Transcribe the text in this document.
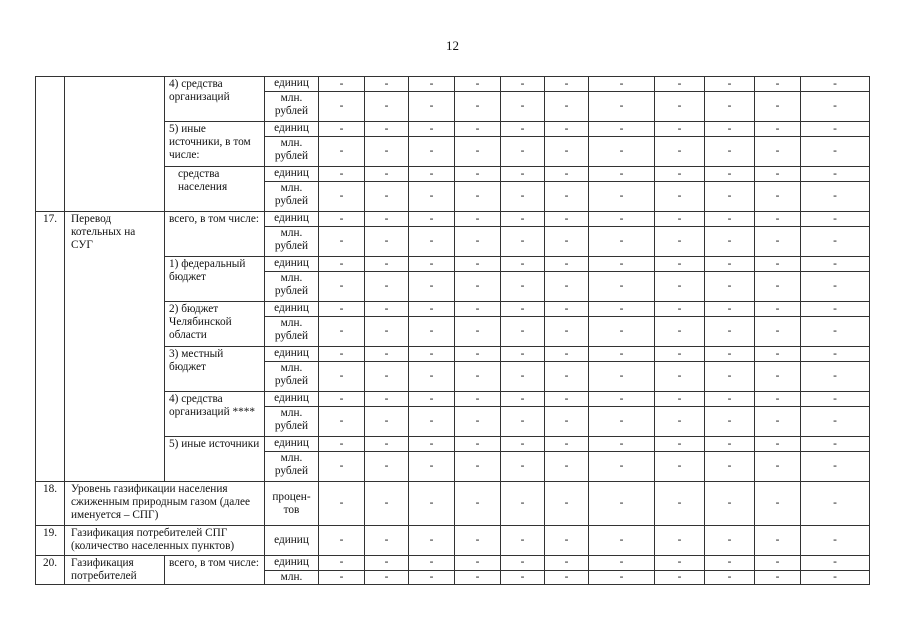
12
		4) средства организаций	единиц	-	-	-	-	-	-	-	-	-	-	-
			млн. рублей	-	-	-	-	-	-	-	-	-	-	-
		5) иные источники, в том числе:	единиц	-	-	-	-	-	-	-	-	-	-	-
			млн. рублей	-	-	-	-	-	-	-	-	-	-	-
		средства населения	единиц	-	-	-	-	-	-	-	-	-	-	-
			млн. рублей	-	-	-	-	-	-	-	-	-	-	-
17.	Перевод котельных на СУГ	всего, в том числе:	единиц	-	-	-	-	-	-	-	-	-	-	-
			млн. рублей	-	-	-	-	-	-	-	-	-	-	-
		1) федеральный бюджет	единиц	-	-	-	-	-	-	-	-	-	-	-
			млн. рублей	-	-	-	-	-	-	-	-	-	-	-
		2) бюджет Челябинской области	единиц	-	-	-	-	-	-	-	-	-	-	-
			млн. рублей	-	-	-	-	-	-	-	-	-	-	-
		3) местный бюджет	единиц	-	-	-	-	-	-	-	-	-	-	-
			млн. рублей	-	-	-	-	-	-	-	-	-	-	-
		4) средства организаций ****	единиц	-	-	-	-	-	-	-	-	-	-	-
			млн. рублей	-	-	-	-	-	-	-	-	-	-	-
		5) иные источники	единиц	-	-	-	-	-	-	-	-	-	-	-
			млн. рублей	-	-	-	-	-	-	-	-	-	-	-
18.	Уровень газификации населения сжиженным природным газом (далее именуется – СПГ)		процен-тов	-	-	-	-	-	-	-	-	-	-	-
19.	Газификация потребителей СПГ (количество населенных пунктов)		единиц	-	-	-	-	-	-	-	-	-	-	-
20.	Газификация потребителей	всего, в том числе:	единиц	-	-	-	-	-	-	-	-	-	-	-
			млн.	-	-	-	-	-	-	-	-	-	-	-
